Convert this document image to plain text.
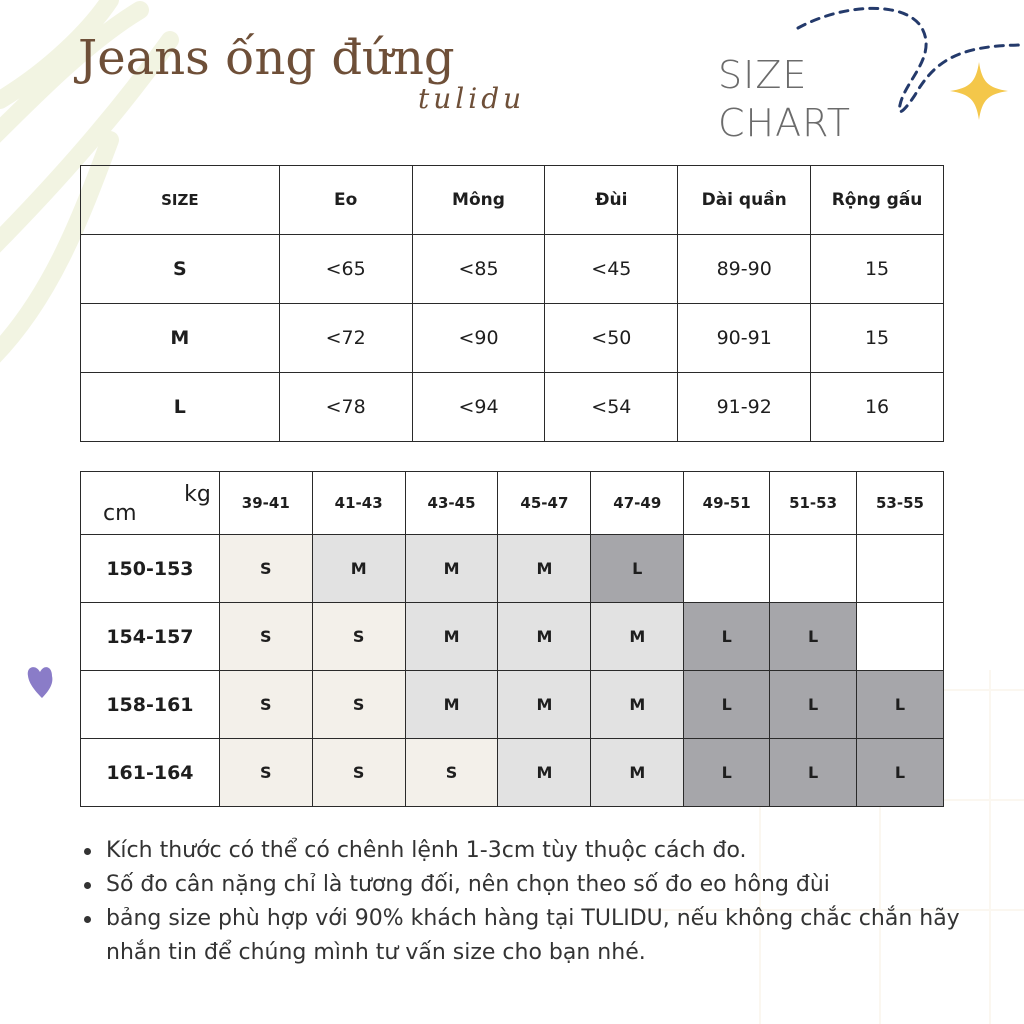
Jeans ống đứng
tulidu
SIZE
CHART
SIZE	Eo	Mông	Đùi	Dài quần	Rộng gấu
S	<65	<85	<45	89-90	15
M	<72	<90	<50	90-91	15
L	<78	<94	<54	91-92	16
kg
cm	39-41	41-43	43-45	45-47	47-49	49-51	51-53	53-55
150-153	S	M	M	M	L			
154-157	S	S	M	M	M	L	L	
158-161	S	S	M	M	M	L	L	L
161-164	S	S	S	M	M	L	L	L
Kích thước có thể có chênh lệnh 1-3cm tùy thuộc cách đo.
Số đo cân nặng chỉ là tương đối, nên chọn theo số đo eo hông đùi
bảng size phù hợp với 90% khách hàng tại TULIDU, nếu không chắc chắn hãy nhắn tin để chúng mình tư vấn size cho bạn nhé.
